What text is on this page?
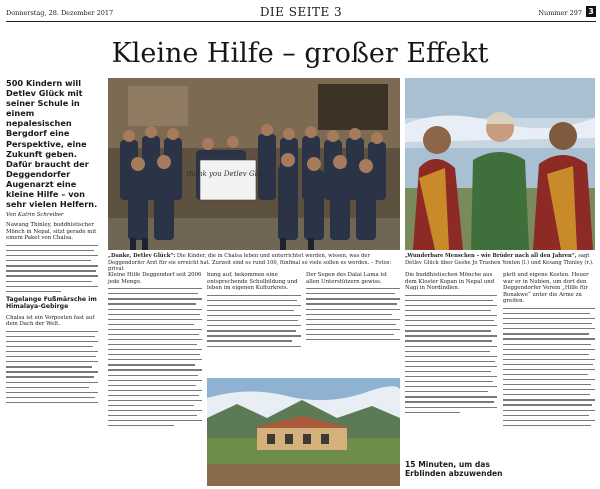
Donnerstag, 28. Dezember 2017	DIE SEITE 3	Nummer 297 3
Kleine Hilfe – großer Effekt

500 Kindern will Detlev Glück mit seiner Schule in einem nepalesischen Bergdorf eine Perspektive, eine Zukunft geben. Dafür braucht der Deggendorfer Augenarzt eine kleine Hilfe – von sehr vielen Helfern.

Von Katrin Schreiber

Nawang Thinley, buddhistischer Mönch in Nepal, sitzt gerade mit einem Paket von Chalsa.

Tagelange Fußmärsche im Himalaya-Gebirge

Chalsa ist ein Vorposten fast auf dem Dach der Welt.

thank you Detlev Glück
„Danke, Detlev Glück“: Die Kinder, die in Chalsa leben und unterrichtet werden, wissen, was der Deggendorfer Arzt für sie erreicht hat. Zurzeit sind es rund 100, fünfmal so viele sollen es werden. – Fotos: privat
„Wunderbare Menschen – wie Brüder nach all den Jahren“, sagt Detlev Glück über Geshe Jo Trashen Yonten (l.) und Kesang Thinley (r.).

Kleine Hilfe Deggendorf seit 2006 jede Menge.

bung auf, bekommen eine entsprechende Schulbildung und leben im eigenen Kulturkreis.

Der Segen des Dalai Lama ist allen Unterstützern gewiss.

Die buddhistischen Mönche aus dem Kloster Kopan in Nepal und Nagi in Nordindien.

15 Minuten, um das Erblinden abzuwenden

plett und eigene Kosten. Heuer war er in Nubien, um dort den Deggendorfer Verein „Hilfe für Bonakwe“ unter die Arme zu greifen.
